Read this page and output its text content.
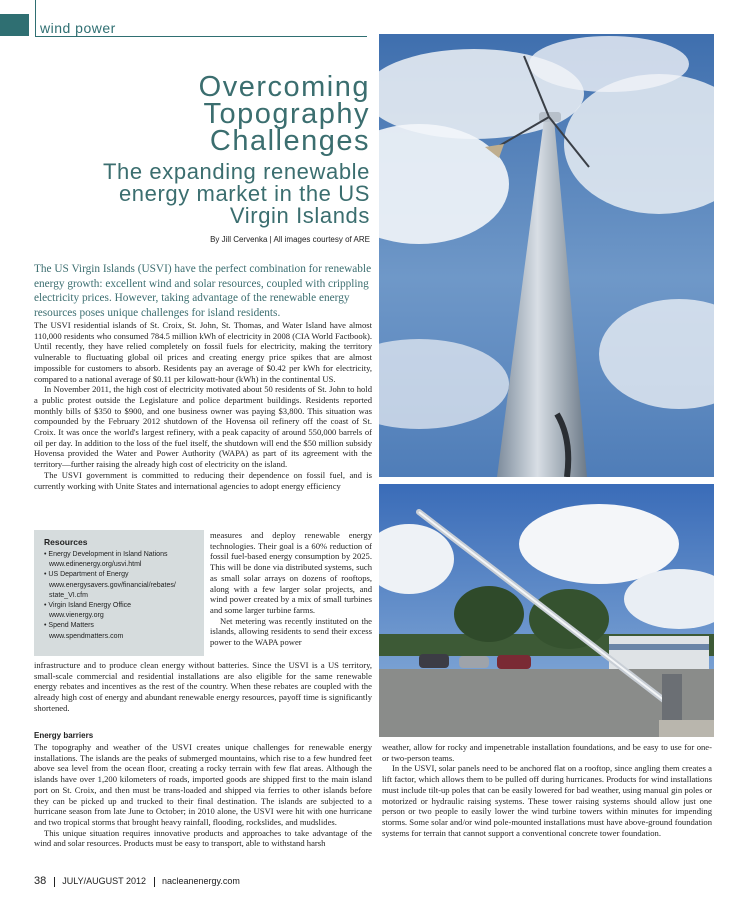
wind power
Overcoming
Topography
Challenges
The expanding renewable
energy market in the US
Virgin Islands
By Jill Cervenka | All images courtesy of ARE
The US Virgin Islands (USVI) have the perfect combination for renewable energy growth: excellent wind and solar resources, coupled with crippling electricity prices. However, taking advantage of the renewable energy resources poses unique challenges for island residents.

The USVI residential islands of St. Croix, St. John, St. Thomas, and Water Island have almost 110,000 residents who consumed 784.5 million kWh of electricity in 2008 (CIA World Factbook). Until recently, they have relied completely on fossil fuels for electricity, making the territory vulnerable to fluctuating global oil prices and creating energy price spikes that are almost impossible for customers to absorb. Residents pay an average of $0.42 per kWh for electricity, compared to a national average of $0.11 per kilowatt-hour (kWh) in the continental US.

In November 2011, the high cost of electricity motivated about 50 residents of St. John to hold a public protest outside the Legislature and police department buildings. Residents reported monthly bills of $350 to $900, and one business owner was paying $3,800. This situation was compounded by the February 2012 shutdown of the Hovensa oil refinery off the coast of St. Croix. It was once the world's largest refinery, with a peak capacity of around 550,000 barrels of oil per day. In addition to the loss of the fuel itself, the shutdown will end the $50 million subsidy Hovensa provided the Water and Power Authority (WAPA) as part of its agreement with the territory—further raising the already high cost of electricity on the island.

The USVI government is committed to reducing their dependence on fossil fuel, and is currently working with Unite States and international agencies to adopt energy efficiency

Resources
• Energy Development in Island Nations
www.edinenergy.org/usvi.html
• US Department of Energy
www.energysavers.gov/financial/rebates/ state_VI.cfm
• Virgin Island Energy Office
www.vienergy.org
• Spend Matters
www.spendmatters.com

measures and deploy renewable energy technologies. Their goal is a 60% reduction of fossil fuel-based energy consumption by 2025. This will be done via distributed systems, such as small solar arrays on dozens of rooftops, along with a few larger solar projects, and wind power created by a mix of small turbines and some larger turbine farms.

Net metering was recently instituted on the islands, allowing residents to send their excess power to the WAPA power

infrastructure and to produce clean energy without batteries. Since the USVI is a US territory, small-scale commercial and residential installations are also eligible for the same renewable energy rebates and incentives as the rest of the country. When these rebates are coupled with the already high cost of energy and abundant renewable energy resources, payoff time is significantly shortened.

Energy barriers

The topography and weather of the USVI creates unique challenges for renewable energy installations. The islands are the peaks of submerged mountains, which rise to a few hundred feet above sea level from the ocean floor, creating a rocky terrain with few flat areas. Although the islands have over 1,200 kilometers of roads, imported goods are shipped first to the main island port on St. Croix, and then must be trans-loaded and shipped via ferries to other islands before they can be picked up and trucked to their final destination. The islands are subjected to a hurricane season from late June to October; in 2010 alone, the USVI were hit with one hurricane and two tropical storms that brought heavy rainfall, flooding, rockslides, and mudslides.

This unique situation requires innovative products and approaches to take advantage of the wind and solar resources. Products must be easy to transport, able to withstand harsh

weather, allow for rocky and impenetrable installation foundations, and be easy to use for one- or two-person teams.

In the USVI, solar panels need to be anchored flat on a rooftop, since angling them creates a lift factor, which allows them to be pulled off during hurricanes. Products for wind installations must include tilt-up poles that can be easily lowered for bad weather, using manual gin poles or motorized or hydraulic raising systems. These tower raising systems should allow just one person or two people to easily lower the wind turbine towers within minutes for impending storms. Some solar and/or wind pole-mounted installations must have above-ground foundation systems for terrain that cannot support a conventional concrete tower foundation.

38 JULY/AUGUST 2012 nacleanenergy.com
